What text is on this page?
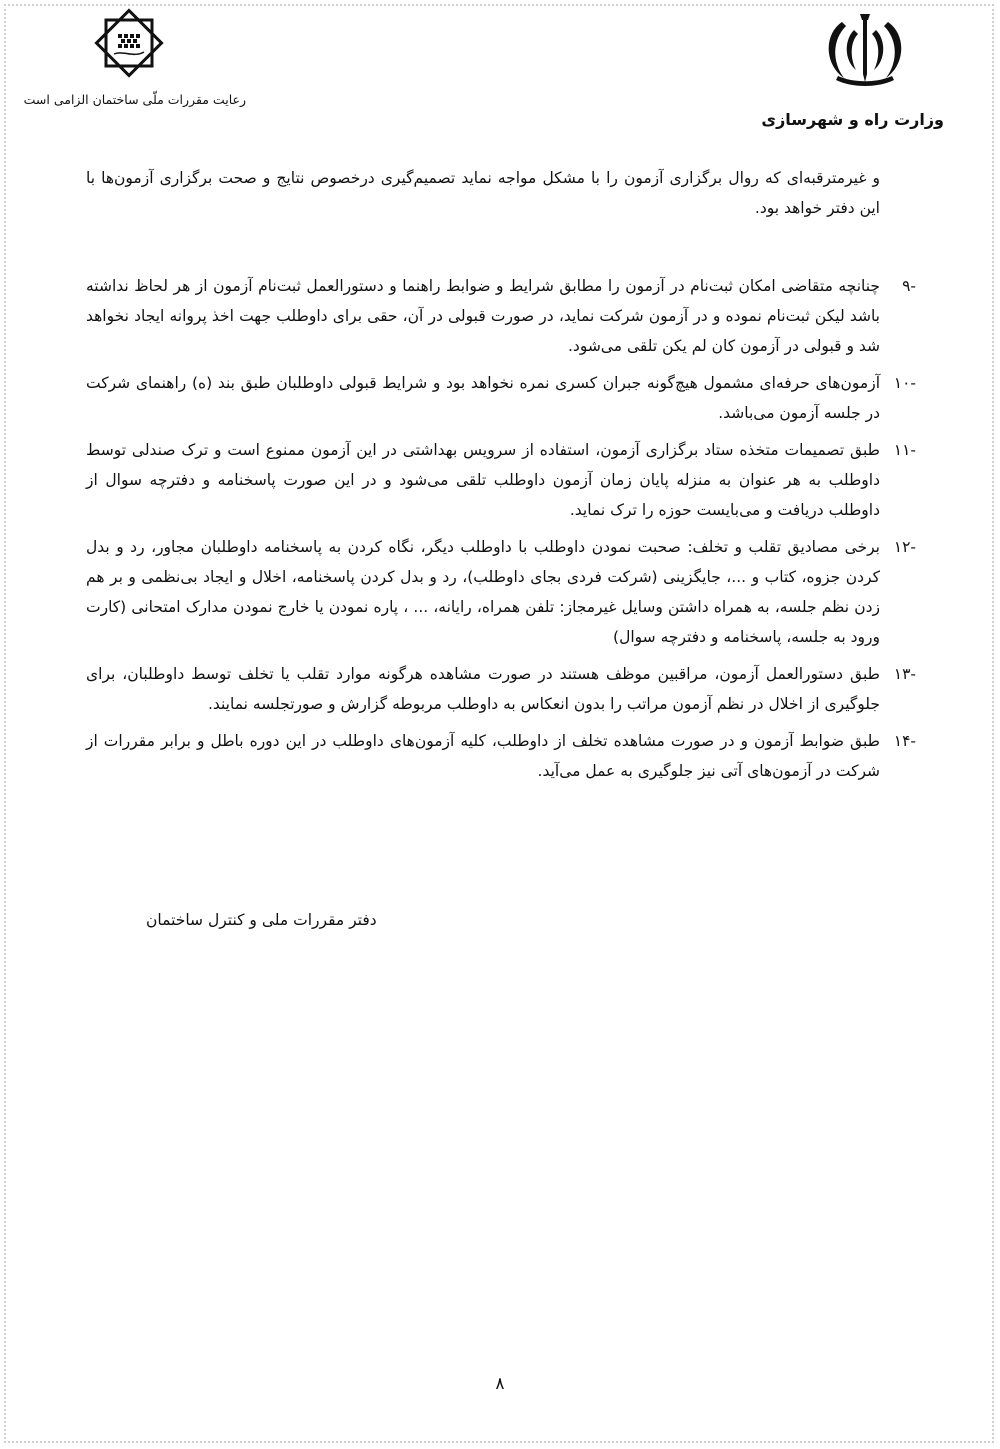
وزارت راه و شهرسازی
رعایت مقررات ملّی ساختمان الزامی است

و غیرمترقبه‌ای که روال برگزاری آزمون را با مشکل مواجه نماید تصمیم‌گیری درخصوص نتایج و صحت برگزاری آزمون‌ها با این دفتر خواهد بود.

-۹

چنانچه متقاضی امکان ثبت‌نام در آزمون را مطابق شرایط و ضوابط راهنما و دستورالعمل ثبت‌نام آزمون از هر لحاظ نداشته باشد لیکن ثبت‌نام نموده و در آزمون شرکت نماید، در صورت قبولی در آن، حقی برای داوطلب جهت اخذ پروانه ایجاد نخواهد شد و قبولی در آزمون کان لم یکن تلقی می‌شود.

-۱۰

آزمون‌های حرفه‌ای مشمول هیچ‌گونه جبران کسری نمره نخواهد بود و شرایط قبولی داوطلبان طبق بند (ه) راهنمای شرکت در جلسه آزمون می‌باشد.

-۱۱

طبق تصمیمات متخذه ستاد برگزاری آزمون، استفاده از سرویس بهداشتی در این آزمون ممنوع است و ترک صندلی توسط داوطلب به هر عنوان به منزله پایان زمان آزمون داوطلب تلقی می‌شود و در این صورت پاسخنامه و دفترچه سوال از داوطلب دریافت و می‌بایست حوزه را ترک نماید.

-۱۲

برخی مصادیق تقلب و تخلف: صحبت نمودن داوطلب با داوطلب دیگر، نگاه کردن به پاسخنامه داوطلبان مجاور، رد و بدل کردن جزوه، کتاب و ...، جایگزینی (شرکت فردی بجای داوطلب)، رد و بدل کردن پاسخنامه، اخلال و ایجاد بی‌نظمی و بر هم زدن نظم جلسه، به همراه داشتن وسایل غیرمجاز: تلفن همراه، رایانه، ... ، پاره نمودن یا خارج نمودن مدارک امتحانی (کارت ورود به جلسه، پاسخنامه و دفترچه سوال)

-۱۳

طبق دستورالعمل آزمون، مراقبین موظف هستند در صورت مشاهده هرگونه موارد تقلب یا تخلف توسط داوطلبان، برای جلوگیری از اخلال در نظم آزمون مراتب را بدون انعکاس به داوطلب مربوطه گزارش و صورتجلسه نمایند.

-۱۴

طبق ضوابط آزمون و در صورت مشاهده تخلف از داوطلب، کلیه آزمون‌های داوطلب در این دوره باطل و برابر مقررات از شرکت در آزمون‌های آتی نیز جلوگیری به عمل می‌آید.

دفتر مقررات ملی و کنترل ساختمان
۸
